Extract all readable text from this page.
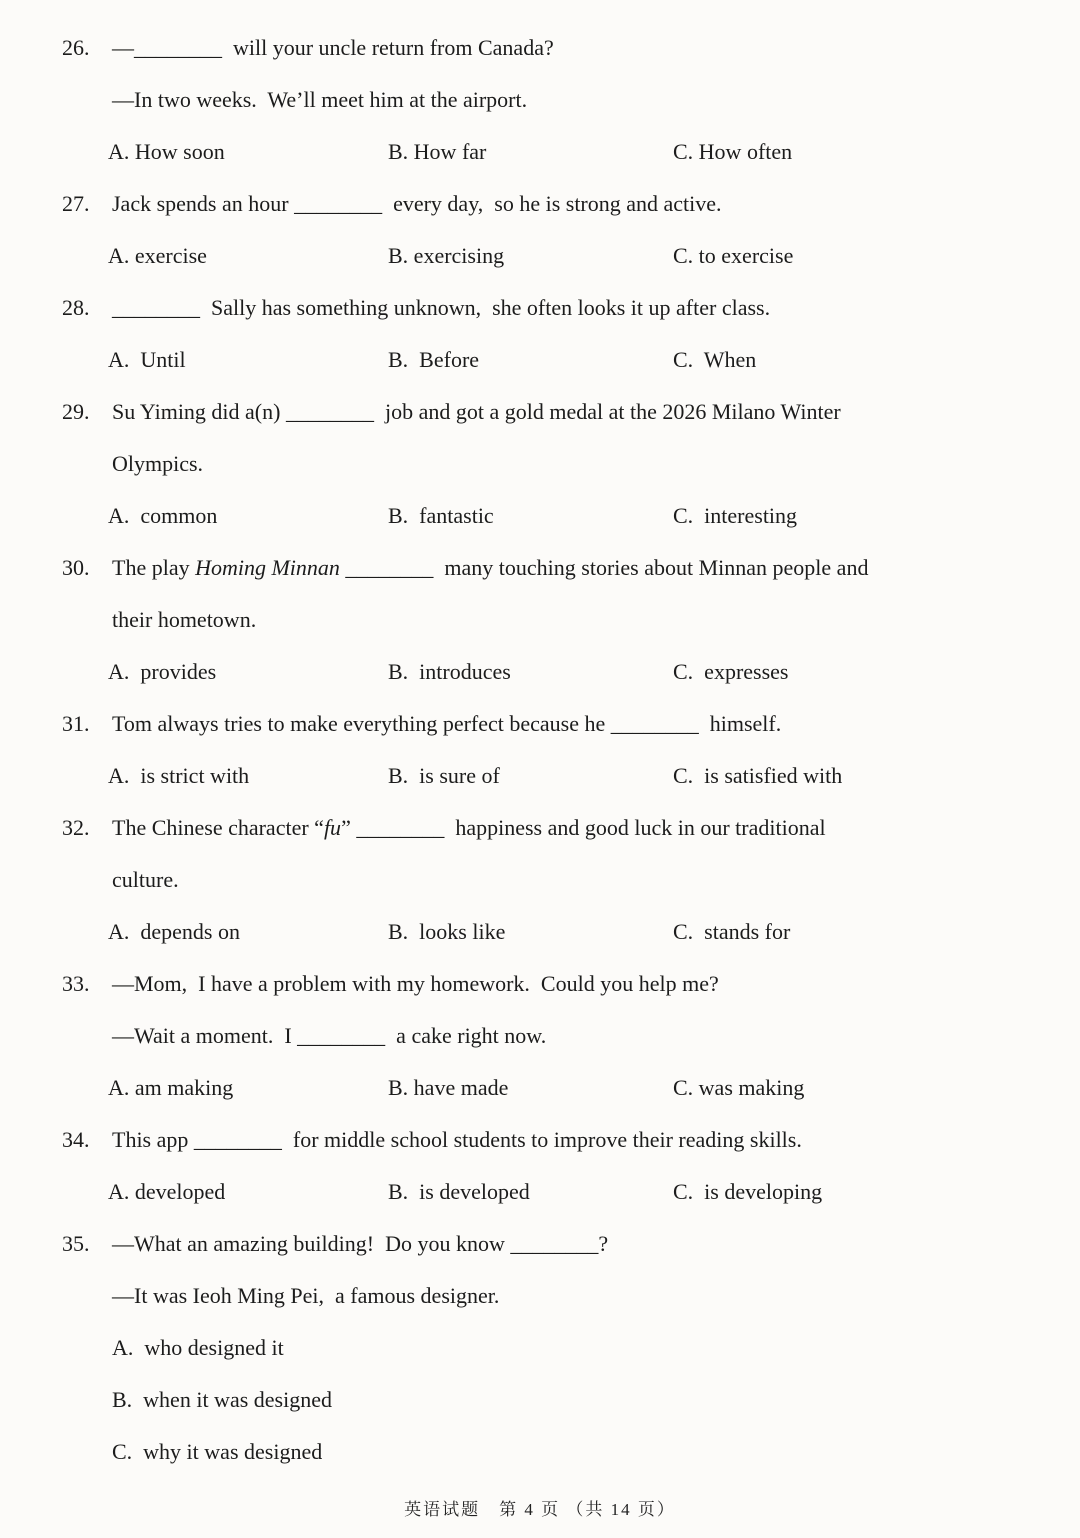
26. —________  will your uncle return from Canada?
—In two weeks.  We’ll meet him at the airport.
A. How soon	B. How far	C. How often
27. Jack spends an hour ________  every day,  so he is strong and active.
A. exercise	B. exercising	C. to exercise
28. ________  Sally has something unknown,  she often looks it up after class.
A.  Until	B.  Before	C.  When
29. Su Yiming did a(n) ________  job and got a gold medal at the 2026 Milano Winter
Olympics.
A.  common	B.  fantastic	C.  interesting
30. The play Homing Minnan ________  many touching stories about Minnan people and
their hometown.
A.  provides	B.  introduces	C.  expresses
31. Tom always tries to make everything perfect because he ________  himself.
A.  is strict with	B.  is sure of	C.  is satisfied with
32. The Chinese character “fu” ________  happiness and good luck in our traditional
culture.
A.  depends on	B.  looks like	C.  stands for
33. —Mom,  I have a problem with my homework.  Could you help me?
—Wait a moment.  I ________  a cake right now.
A. am making	B. have made	C. was making
34. This app ________  for middle school students to improve their reading skills.
A. developed	B.  is developed	C.  is developing
35. —What an amazing building!  Do you know ________?
—It was Ieoh Ming Pei,  a famous designer.
A.  who designed it
B.  when it was designed
C.  why it was designed
英语试题　第 4 页 （共 14 页）
